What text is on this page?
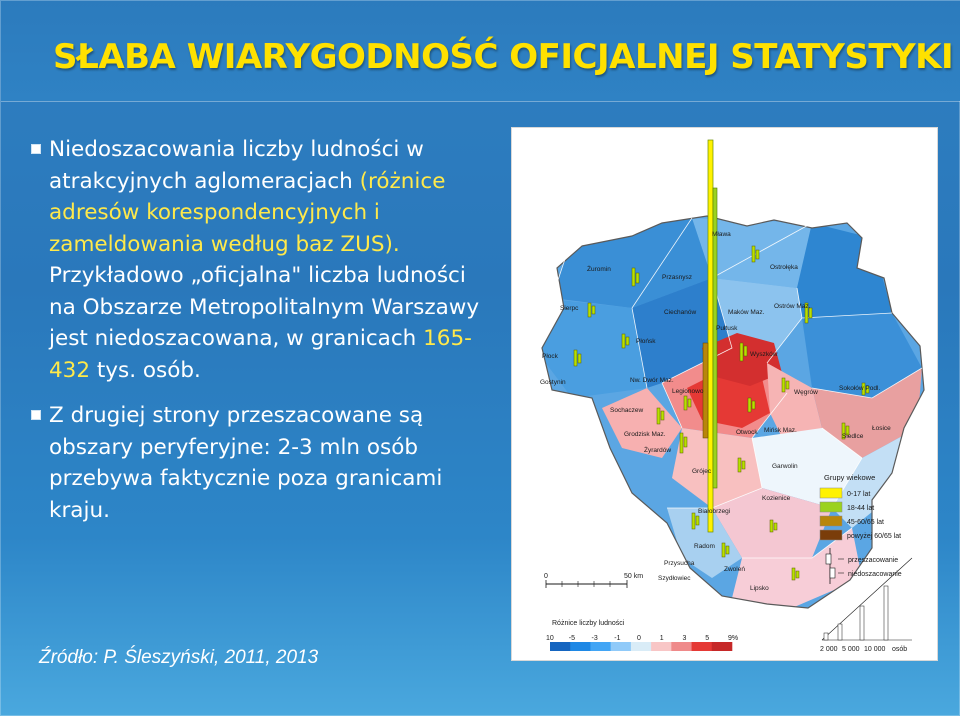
SŁABA WIARYGODNOŚĆ OFICJALNEJ STATYSTYKI
Niedoszacowania liczby ludności w atrakcyjnych aglomeracjach (różnice adresów korespondencyjnych i zameldowania według baz ZUS). Przykładowo „oficjalna" liczba ludności na Obszarze Metropolitalnym Warszawy jest niedoszacowana, w granicach 165-432 tys. osób.
Z drugiej strony przeszacowane są obszary peryferyjne: 2-3 mln osób przebywa faktycznie poza granicami kraju.
Źródło: P. Śleszyński, 2011, 2013
Mława
Żuromin
Przasnysz
Ostrołęka
Sierpc
Ciechanów	Maków Maz.
Ostrów Maz.
Płońsk
Pułtusk
Płock	Wyszków
Gostynin	Nw. Dwór Maz.
Legionowo	Węgrów
Sokołów Podl.
Sochaczew
Otwock Mińsk Maz.	Łosice
Grodzisk Maz.
Żyrardów
Siedlce
Grójec
Garwolin
Białobrzegi
Kozienice
Radom
Przysucha
Szydłowiec
Zwoleń
Lipsko
Grupy wiekowe
0-17 lat
18-44 lat
45-60/65 lat
powyżej 60/65 lat
przeszacowanie
niedoszacowanie
0	50 km
Różnice liczby ludności
10 -5 -3 -1 0	1	3	5	9%
2 000 5 000 10 000 osób
